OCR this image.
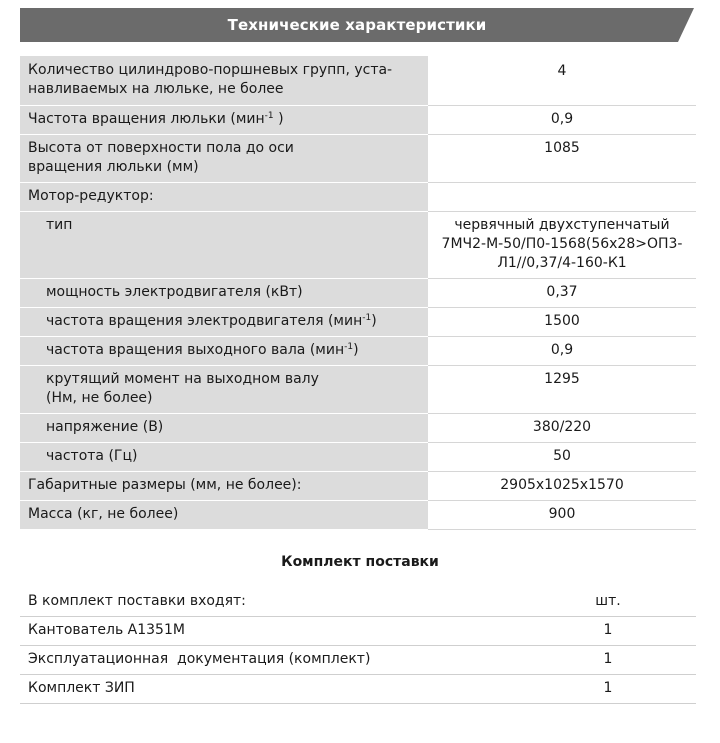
Технические характеристики
Количество цилиндрово-поршневых групп, уста-
навливаемых на люльке, не более	4
Частота вращения люльки (мин$^{-1}$ )	0,9
Высота от поверхности пола до оси
вращения люльки (мм)	1085
Мотор-редуктор:	
тип	червячный двухступенчатый
7МЧ2-М-50/П0-1568(56х28>ОП3-
Л1//0,37/4-160-К1
мощность электродвигателя (кВт)	0,37
частота вращения электродвигателя (мин$^{-1}$)	1500
частота вращения выходного вала (мин$^{-1}$)	0,9
крутящий момент на выходном валу
(Нм, не более)	1295
напряжение (В)	380/220
частота (Гц)	50
Габаритные размеры (мм, не более):	2905х1025х1570
Масса (кг, не более)	900
Комплект поставки
В комплект поставки входят:	шт.
Кантователь А1351М	1
Эксплуатационная  документация (комплект)	1
Комплект ЗИП	1
